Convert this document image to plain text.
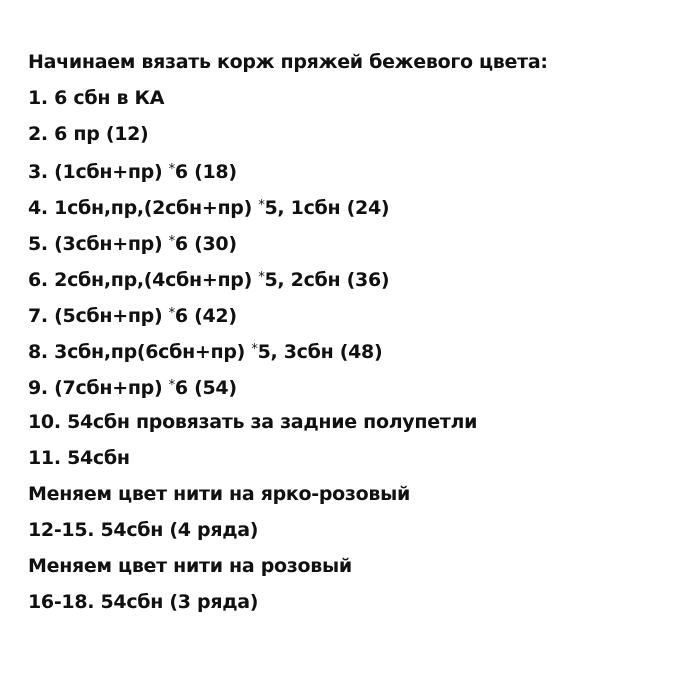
Начинаем вязать корж пряжей бежевого цвета:
1. 6 сбн в КА
2. 6 пр (12)
3. (1сбн+пр) *6 (18)
4. 1сбн,пр,(2сбн+пр) *5, 1сбн (24)
5. (3сбн+пр) *6 (30)
6. 2сбн,пр,(4сбн+пр) *5, 2сбн (36)
7. (5сбн+пр) *6 (42)
8. 3сбн,пр(6сбн+пр) *5, 3сбн (48)
9. (7сбн+пр) *6 (54)
10. 54сбн провязать за задние полупетли
11. 54сбн
Меняем цвет нити на ярко-розовый
12-15. 54сбн (4 ряда)
Меняем цвет нити на розовый
16-18. 54сбн (3 ряда)
